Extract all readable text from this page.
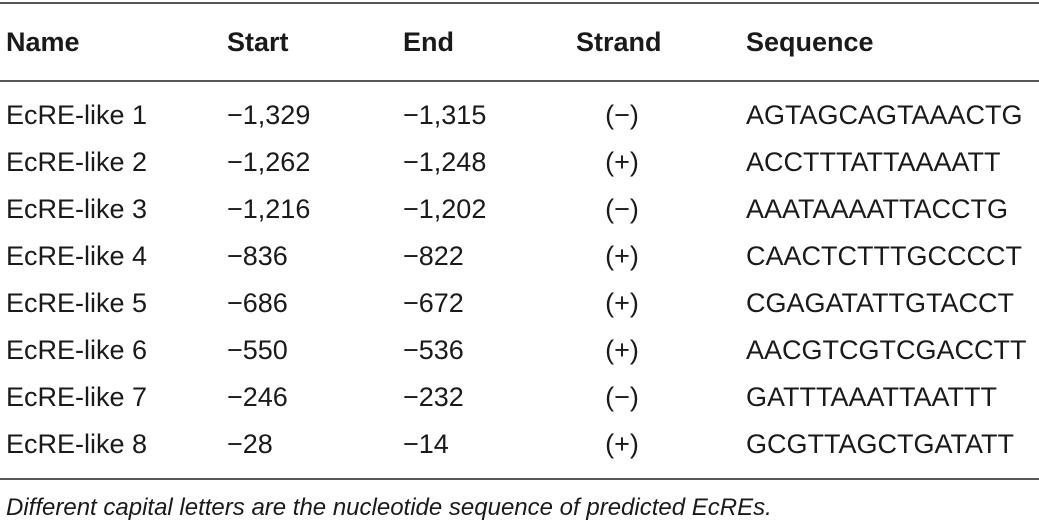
Name	Start	End	Strand	Sequence
EcRE-like 1	−1,329	−1,315	(−)	AGTAGCAGTAAACTG
EcRE-like 2	−1,262	−1,248	(+)	ACCTTTATTAAAATT
EcRE-like 3	−1,216	−1,202	(−)	AAATAAAATTACCTG
EcRE-like 4	−836	−822	(+)	CAACTCTTTGCCCCT
EcRE-like 5	−686	−672	(+)	CGAGATATTGTACCT
EcRE-like 6	−550	−536	(+)	AACGTCGTCGACCTT
EcRE-like 7	−246	−232	(−)	GATTTAAATTAATTT
EcRE-like 8	−28	−14	(+)	GCGTTAGCTGATATT
Different capital letters are the nucleotide sequence of predicted EcREs.
